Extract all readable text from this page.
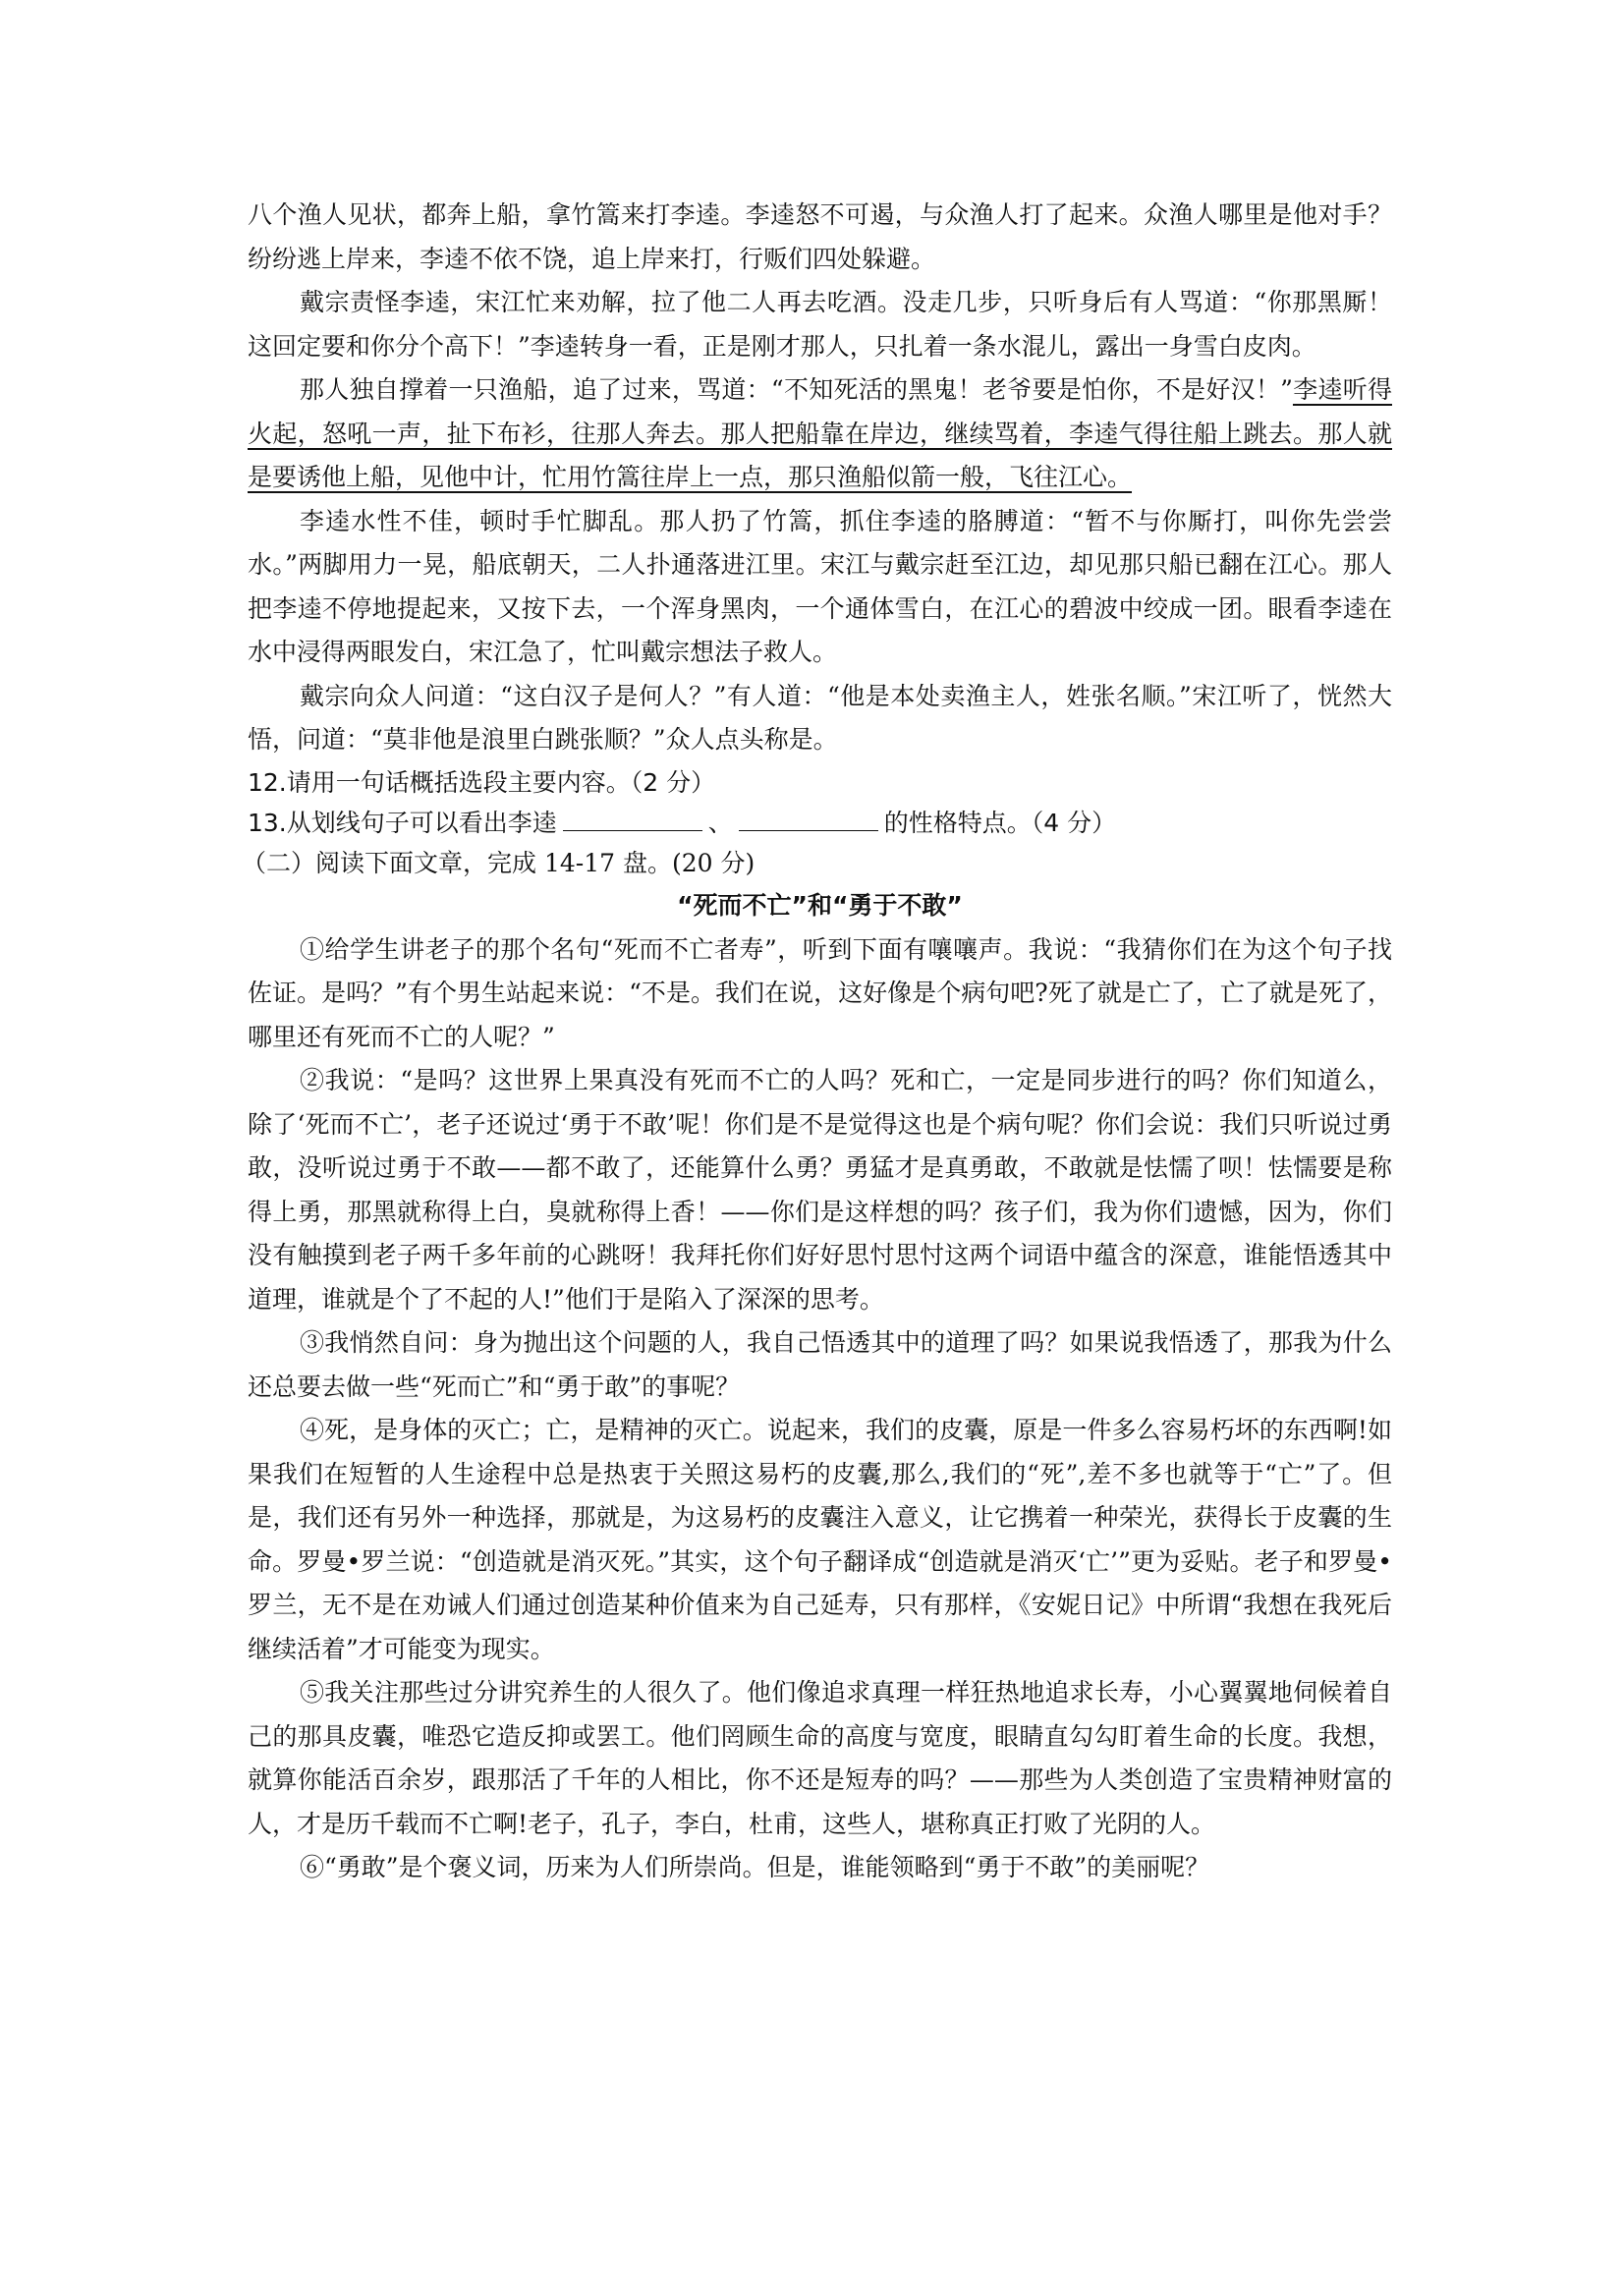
八个渔人见状，都奔上船，拿竹篙来打李逵。李逵怒不可遏，与众渔人打了起来。众渔人哪里是他对手？纷纷逃上岸来，李逵不依不饶，追上岸来打，行贩们四处躲避。

戴宗责怪李逵，宋江忙来劝解，拉了他二人再去吃酒。没走几步，只听身后有人骂道：“你那黑厮！这回定要和你分个高下！”李逵转身一看，正是刚才那人，只扎着一条水混儿，露出一身雪白皮肉。

那人独自撑着一只渔船，追了过来，骂道：“不知死活的黑鬼！老爷要是怕你，不是好汉！”李逵听得火起，怒吼一声，扯下布衫，往那人奔去。那人把船靠在岸边，继续骂着，李逵气得往船上跳去。那人就是要诱他上船，见他中计，忙用竹篙往岸上一点，那只渔船似箭一般，飞往江心。

李逵水性不佳，顿时手忙脚乱。那人扔了竹篙，抓住李逵的胳膊道：“暂不与你厮打，叫你先尝尝水。”两脚用力一晃，船底朝天，二人扑通落进江里。宋江与戴宗赶至江边，却见那只船已翻在江心。那人把李逵不停地提起来，又按下去，一个浑身黑肉，一个通体雪白，在江心的碧波中绞成一团。眼看李逵在水中浸得两眼发白，宋江急了，忙叫戴宗想法子救人。

戴宗向众人问道：“这白汉子是何人？”有人道：“他是本处卖渔主人，姓张名顺。”宋江听了，恍然大悟，问道：“莫非他是浪里白跳张顺？”众人点头称是。

12.请用一句话概括选段主要内容。（2 分）

13.从划线句子可以看出李逵	、	的性格特点。（4 分）

（二）阅读下面文章，完成 14-17 盘。(20 分)

“死而不亡”和“勇于不敢”

①给学生讲老子的那个名句“死而不亡者寿”，听到下面有嚷嚷声。我说：“我猜你们在为这个句子找佐证。是吗？”有个男生站起来说：“不是。我们在说，这好像是个病句吧?死了就是亡了，亡了就是死了，哪里还有死而不亡的人呢？”

②我说：“是吗？这世界上果真没有死而不亡的人吗？死和亡，一定是同步进行的吗？你们知道么，除了‘死而不亡’，老子还说过‘勇于不敢’呢！你们是不是觉得这也是个病句呢？你们会说：我们只听说过勇敢，没听说过勇于不敢——都不敢了，还能算什么勇？勇猛才是真勇敢，不敢就是怯懦了呗！怯懦要是称得上勇，那黑就称得上白，臭就称得上香！——你们是这样想的吗？孩子们，我为你们遗憾，因为，你们没有触摸到老子两千多年前的心跳呀！我拜托你们好好思忖思忖这两个词语中蕴含的深意，谁能悟透其中道理，谁就是个了不起的人!”他们于是陷入了深深的思考。

③我悄然自问：身为抛出这个问题的人，我自己悟透其中的道理了吗？如果说我悟透了，那我为什么还总要去做一些“死而亡”和“勇于敢”的事呢？

④死，是身体的灭亡；亡，是精神的灭亡。说起来，我们的皮囊，原是一件多么容易朽坏的东西啊!如果我们在短暂的人生途程中总是热衷于关照这易朽的皮囊,那么,我们的“死”,差不多也就等于“亡”了。但是，我们还有另外一种选择，那就是，为这易朽的皮囊注入意义，让它携着一种荣光，获得长于皮囊的生命。罗曼•罗兰说：“创造就是消灭死。”其实，这个句子翻译成“创造就是消灭‘亡’”更为妥贴。老子和罗曼•罗兰，无不是在劝诫人们通过创造某种价值来为自己延寿，只有那样，《安妮日记》中所谓“我想在我死后继续活着”才可能变为现实。

⑤我关注那些过分讲究养生的人很久了。他们像追求真理一样狂热地追求长寿，小心翼翼地伺候着自己的那具皮囊，唯恐它造反抑或罢工。他们罔顾生命的高度与宽度，眼睛直勾勾盯着生命的长度。我想，就算你能活百余岁，跟那活了千年的人相比，你不还是短寿的吗？——那些为人类创造了宝贵精神财富的人，才是历千载而不亡啊!老子，孔子，李白，杜甫，这些人，堪称真正打败了光阴的人。

⑥“勇敢”是个褒义词，历来为人们所崇尚。但是，谁能领略到“勇于不敢”的美丽呢？
